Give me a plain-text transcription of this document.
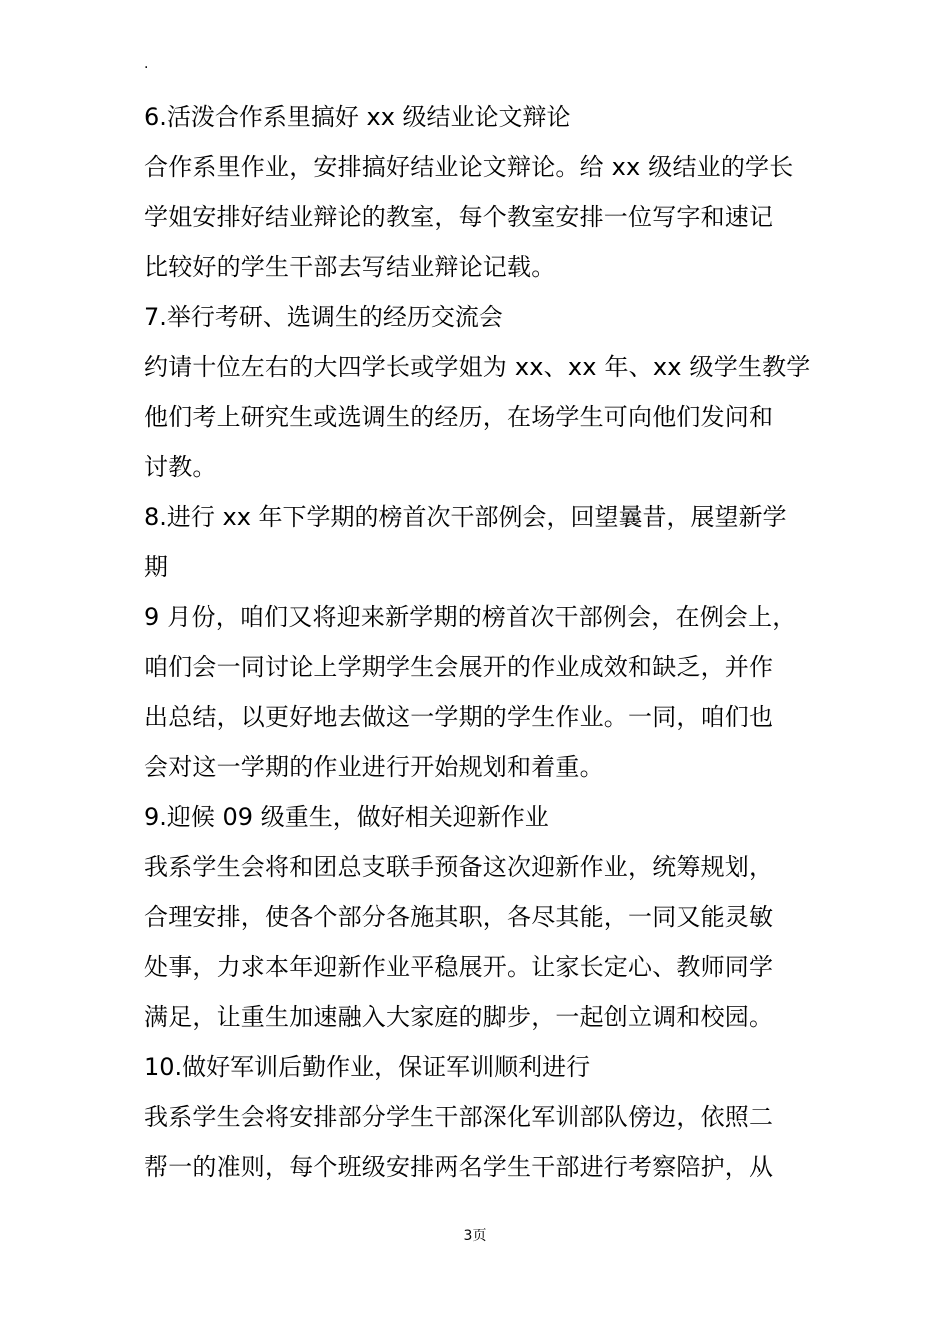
.
6.活泼合作系里搞好 xx 级结业论文辩论
合作系里作业，安排搞好结业论文辩论。给 xx 级结业的学长
学姐安排好结业辩论的教室，每个教室安排一位写字和速记
比较好的学生干部去写结业辩论记载。
7.举行考研、选调生的经历交流会
约请十位左右的大四学长或学姐为 xx、xx 年、xx 级学生教学
他们考上研究生或选调生的经历，在场学生可向他们发问和
讨教。
8.进行 xx 年下学期的榜首次干部例会，回望曩昔，展望新学
期
9 月份，咱们又将迎来新学期的榜首次干部例会，在例会上，
咱们会一同讨论上学期学生会展开的作业成效和缺乏，并作
出总结，以更好地去做这一学期的学生作业。一同，咱们也
会对这一学期的作业进行开始规划和着重。
9.迎候 09 级重生，做好相关迎新作业
我系学生会将和团总支联手预备这次迎新作业，统筹规划，
合理安排，使各个部分各施其职，各尽其能，一同又能灵敏
处事，力求本年迎新作业平稳展开。让家长定心、教师同学
满足，让重生加速融入大家庭的脚步，一起创立调和校园。
10.做好军训后勤作业，保证军训顺利进行
我系学生会将安排部分学生干部深化军训部队傍边，依照二
帮一的准则，每个班级安排两名学生干部进行考察陪护，从
3页
